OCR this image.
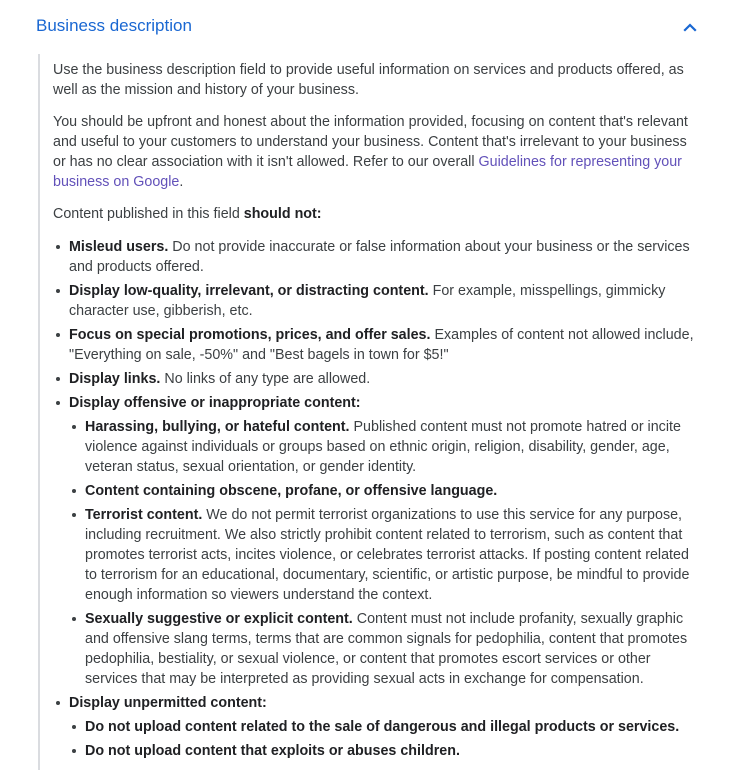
Business description

Use the business description field to provide useful information on services and products offered, as well as the mission and history of your business.

You should be upfront and honest about the information provided, focusing on content that's relevant and useful to your customers to understand your business. Content that's irrelevant to your business or has no clear association with it isn't allowed. Refer to our overall Guidelines for representing your business on Google.

Content published in this field should not:

Misleud users. Do not provide inaccurate or false information about your business or the services and products offered.
Display low-quality, irrelevant, or distracting content. For example, misspellings, gimmicky character use, gibberish, etc.
Focus on special promotions, prices, and offer sales. Examples of content not allowed include, "Everything on sale, -50%" and "Best bagels in town for $5!"
Display links. No links of any type are allowed.
Display offensive or inappropriate content:
Harassing, bullying, or hateful content. Published content must not promote hatred or incite violence against individuals or groups based on ethnic origin, religion, disability, gender, age, veteran status, sexual orientation, or gender identity.
Content containing obscene, profane, or offensive language.
Terrorist content. We do not permit terrorist organizations to use this service for any purpose, including recruitment. We also strictly prohibit content related to terrorism, such as content that promotes terrorist acts, incites violence, or celebrates terrorist attacks. If posting content related to terrorism for an educational, documentary, scientific, or artistic purpose, be mindful to provide enough information so viewers understand the context.
Sexually suggestive or explicit content. Content must not include profanity, sexually graphic and offensive slang terms, terms that are common signals for pedophilia, content that promotes pedophilia, bestiality, or sexual violence, or content that promotes escort services or other services that may be interpreted as providing sexual acts in exchange for compensation.
Display unpermitted content:
Do not upload content related to the sale of dangerous and illegal products or services.
Do not upload content that exploits or abuses children.
